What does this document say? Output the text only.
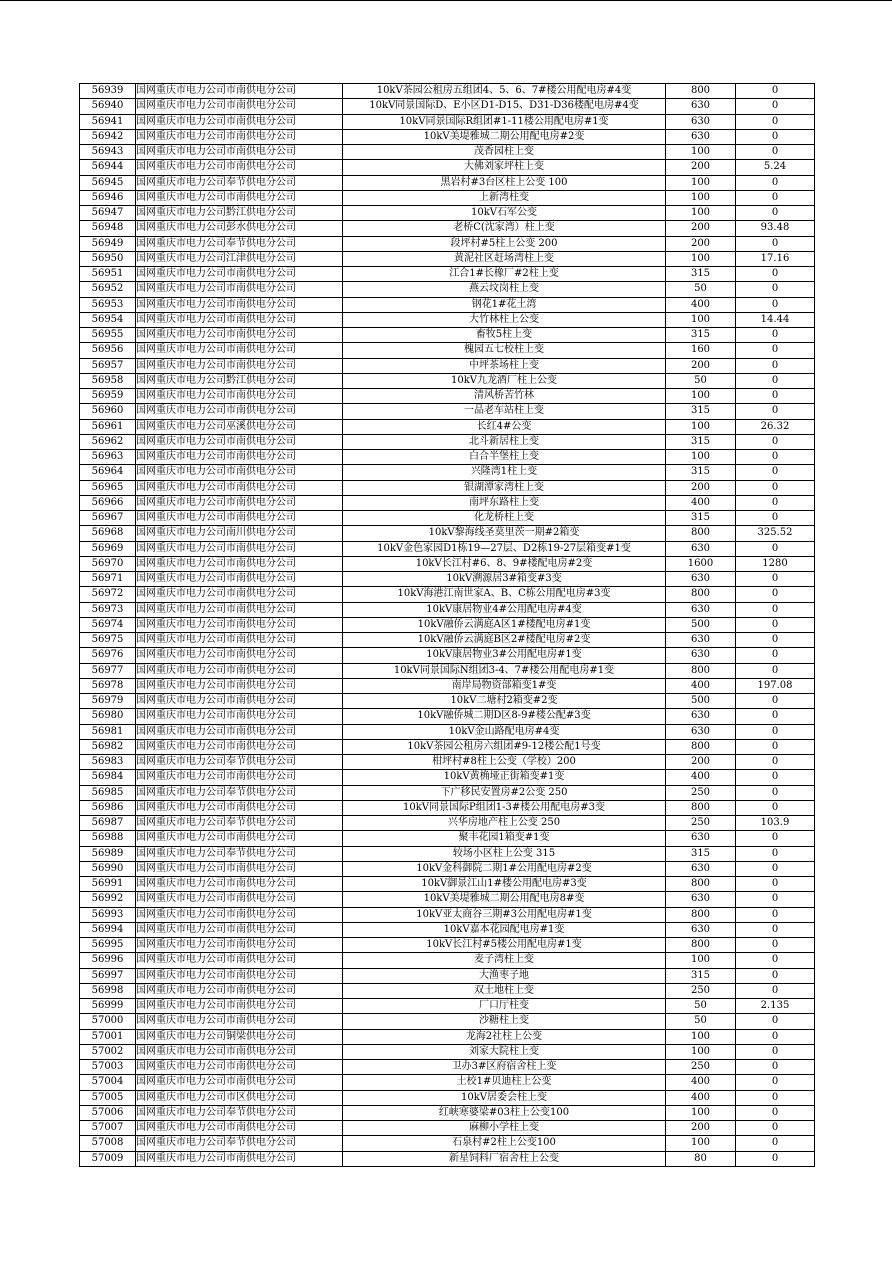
56939	国网重庆市电力公司市南供电分公司	10kV茶园公租房五组团4、5、6、7#楼公用配电房#4变	800	0
56940	国网重庆市电力公司市南供电分公司	10kV同景国际D、E小区D1-D15、D31-D36楼配电房#4变	630	0
56941	国网重庆市电力公司市南供电分公司	10kV同景国际R组团#1-11楼公用配电房#1变	630	0
56942	国网重庆市电力公司市南供电分公司	10kV美堤雅城二期公用配电房#2变	630	0
56943	国网重庆市电力公司市南供电分公司	茂香园柱上变	100	0
56944	国网重庆市电力公司市南供电分公司	大佛刘家坪柱上变	200	5.24
56945	国网重庆市电力公司奉节供电分公司	黑岩村#3台区柱上公变 100	100	0
56946	国网重庆市电力公司市南供电分公司	上新湾柱变	100	0
56947	国网重庆市电力公司黔江供电分公司	10kV石军公变	100	0
56948	国网重庆市电力公司彭水供电分公司	老桥C(沈家湾）柱上变	200	93.48
56949	国网重庆市电力公司奉节供电分公司	段坪村#5柱上公变 200	200	0
56950	国网重庆市电力公司江津供电分公司	黄泥社区赶场湾柱上变	100	17.16
56951	国网重庆市电力公司市南供电分公司	江合1#长橡厂#2柱上变	315	0
56952	国网重庆市电力公司市南供电分公司	燕云坟岗柱上变	50	0
56953	国网重庆市电力公司市南供电分公司	钢花1#花土湾	400	0
56954	国网重庆市电力公司市南供电分公司	大竹林柱上公变	100	14.44
56955	国网重庆市电力公司市南供电分公司	畜牧5柱上变	315	0
56956	国网重庆市电力公司市南供电分公司	槐园五七校柱上变	160	0
56957	国网重庆市电力公司市南供电分公司	中坪茶场柱上变	200	0
56958	国网重庆市电力公司黔江供电分公司	10kV九龙酒厂柱上公变	50	0
56959	国网重庆市电力公司市南供电分公司	清风桥苦竹林	100	0
56960	国网重庆市电力公司市南供电分公司	一品老车站柱上变	315	0
56961	国网重庆市电力公司巫溪供电分公司	长红4#公变	100	26.32
56962	国网重庆市电力公司市南供电分公司	北斗新居柱上变	315	0
56963	国网重庆市电力公司市南供电分公司	白合半堡柱上变	100	0
56964	国网重庆市电力公司市南供电分公司	兴隆湾1柱上变	315	0
56965	国网重庆市电力公司市南供电分公司	银湖潭家湾柱上变	200	0
56966	国网重庆市电力公司市南供电分公司	南坪东路柱上变	400	0
56967	国网重庆市电力公司市南供电分公司	化龙桥柱上变	315	0
56968	国网重庆市电力公司南川供电分公司	10kV黎海线圣莫里茨一期#2箱变	800	325.52
56969	国网重庆市电力公司市南供电分公司	10kV金色家园D1栋19—27层、D2栋19-27层箱变#1变	630	0
56970	国网重庆市电力公司市南供电分公司	10kV长江村#6、8、9#楼配电房#2变	1600	1280
56971	国网重庆市电力公司市南供电分公司	10kV溯源居3#箱变#3变	630	0
56972	国网重庆市电力公司市南供电分公司	10kV海港江南世家A、B、C栋公用配电房#3变	800	0
56973	国网重庆市电力公司市南供电分公司	10kV康居物业4#公用配电房#4变	630	0
56974	国网重庆市电力公司市南供电分公司	10kV融侨云满庭A区1#楼配电房#1变	500	0
56975	国网重庆市电力公司市南供电分公司	10kV融侨云满庭B区2#楼配电房#2变	630	0
56976	国网重庆市电力公司市南供电分公司	10kV康居物业3#公用配电房#1变	630	0
56977	国网重庆市电力公司市南供电分公司	10kV同景国际N组团3-4、7#楼公用配电房#1变	800	0
56978	国网重庆市电力公司市南供电分公司	南岸局物资部箱变1#变	400	197.08
56979	国网重庆市电力公司市南供电分公司	10kV二塘村2箱变#2变	500	0
56980	国网重庆市电力公司市南供电分公司	10kV融侨城二期D区8-9#楼公配#3变	630	0
56981	国网重庆市电力公司市南供电分公司	10kV金山路配电房#4变	630	0
56982	国网重庆市电力公司市南供电分公司	10kV茶园公租房六组团#9-12楼公配1号变	800	0
56983	国网重庆市电力公司奉节供电分公司	柑坪村#8柱上公变（学校）200	200	0
56984	国网重庆市电力公司市南供电分公司	10kV黄桷垭正街箱变#1变	400	0
56985	国网重庆市电力公司奉节供电分公司	下广移民安置房#2公变 250	250	0
56986	国网重庆市电力公司市南供电分公司	10kV同景国际P组团1-3#楼公用配电房#3变	800	0
56987	国网重庆市电力公司奉节供电分公司	兴华房地产柱上公变 250	250	103.9
56988	国网重庆市电力公司市南供电分公司	聚丰花园1箱变#1变	630	0
56989	国网重庆市电力公司奉节供电分公司	较场小区柱上公变 315	315	0
56990	国网重庆市电力公司市南供电分公司	10kV金科御院二期1#公用配电房#2变	630	0
56991	国网重庆市电力公司市南供电分公司	10kV御景江山1#楼公用配电房#3变	800	0
56992	国网重庆市电力公司市南供电分公司	10kV美堤雅城二期公用配电房8#变	630	0
56993	国网重庆市电力公司市南供电分公司	10kV亚太商谷三期#3公用配电房#1变	800	0
56994	国网重庆市电力公司市南供电分公司	10kV嘉本花园配电房#1变	630	0
56995	国网重庆市电力公司市南供电分公司	10kV长江村#5楼公用配电房#1变	800	0
56996	国网重庆市电力公司市南供电分公司	麦子湾柱上变	100	0
56997	国网重庆市电力公司市南供电分公司	大渔枣子地	315	0
56998	国网重庆市电力公司市南供电分公司	双土地柱上变	250	0
56999	国网重庆市电力公司市南供电分公司	厂口厅柱变	50	2.135
57000	国网重庆市电力公司市南供电分公司	沙糖柱上变	50	0
57001	国网重庆市电力公司铜梁供电分公司	龙海2社柱上公变	100	0
57002	国网重庆市电力公司市南供电分公司	刘家大院柱上变	100	0
57003	国网重庆市电力公司市南供电分公司	卫办3#区府宿舍柱上变	250	0
57004	国网重庆市电力公司市南供电分公司	土校1#贝迪柱上公变	400	0
57005	国网重庆市电力公司市区供电分公司	10kV居委会柱上变	400	0
57006	国网重庆市电力公司奉节供电分公司	红峡寒婆梁#03柱上公变100	100	0
57007	国网重庆市电力公司市南供电分公司	麻柳小学柱上变	200	0
57008	国网重庆市电力公司奉节供电分公司	石泉村#2柱上公变100	100	0
57009	国网重庆市电力公司市南供电分公司	新星饲料厂宿舍柱上公变	80	0
